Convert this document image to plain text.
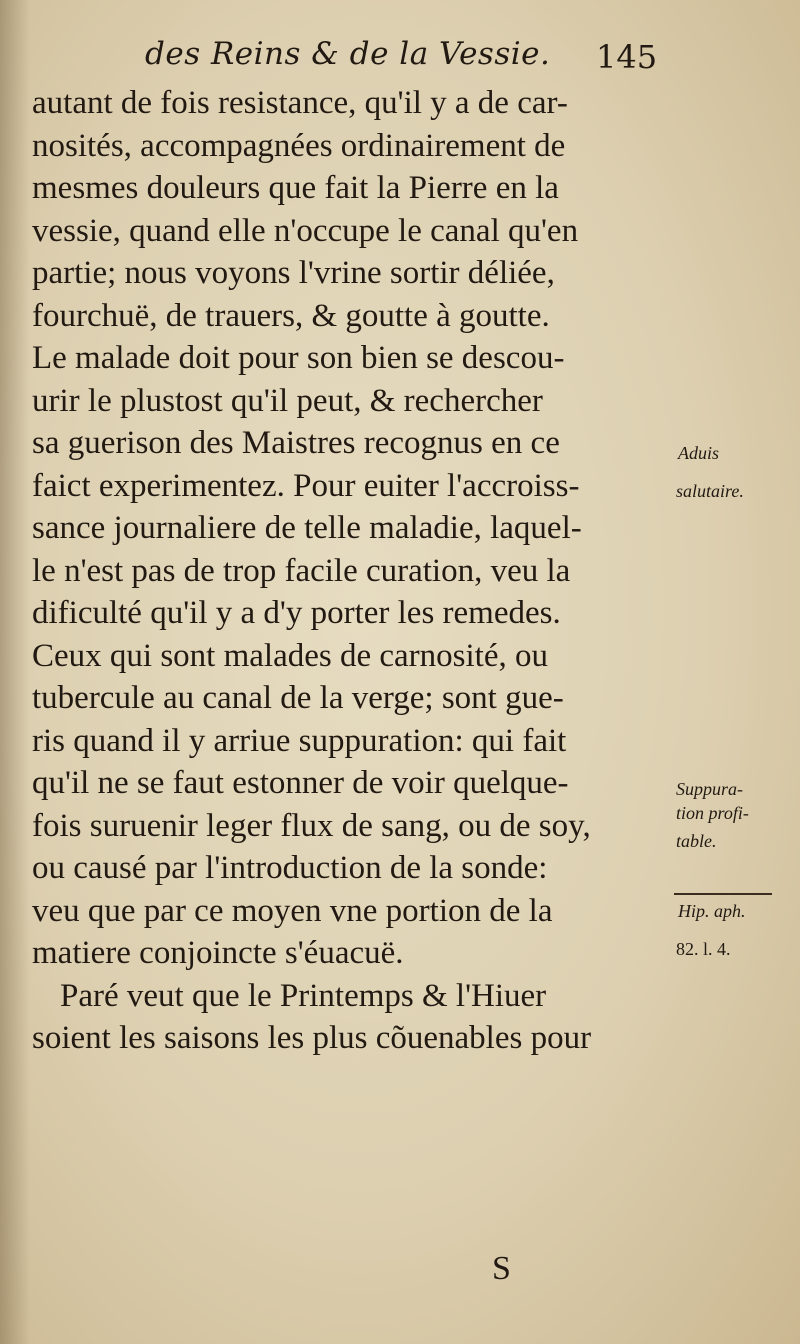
des Reins & de la Vessie. 145
autant de fois resistance, qu'il y a de car-
nosités, accompagnées ordinairement de
mesmes douleurs que fait la Pierre en la
vessie, quand elle n'occupe le canal qu'en
partie; nous voyons l'vrine sortir déliée,
fourchuë, de trauers, & goutte à goutte.
Le malade doit pour son bien se descou-
urir le plustost qu'il peut, & rechercher
sa guerison des Maistres recognus en ce
faict experimentez. Pour euiter l'accroiss-
sance journaliere de telle maladie, laquel-
le n'est pas de trop facile curation, veu la
dificulté qu'il y a d'y porter les remedes.
Ceux qui sont malades de carnosité, ou
tubercule au canal de la verge; sont gue-
ris quand il y arriue suppuration: qui fait
qu'il ne se faut estonner de voir quelque-
fois suruenir leger flux de sang, ou de soy,
ou causé par l'introduction de la sonde:
veu que par ce moyen vne portion de la
matiere conjoincte s'éuacuë.
Paré veut que le Printemps & l'Hiuer
soient les saisons les plus cõuenables pour
Aduis
salutaire.
Suppura-
tion profi-
table.
Hip. aph.
82. l. 4.
S
